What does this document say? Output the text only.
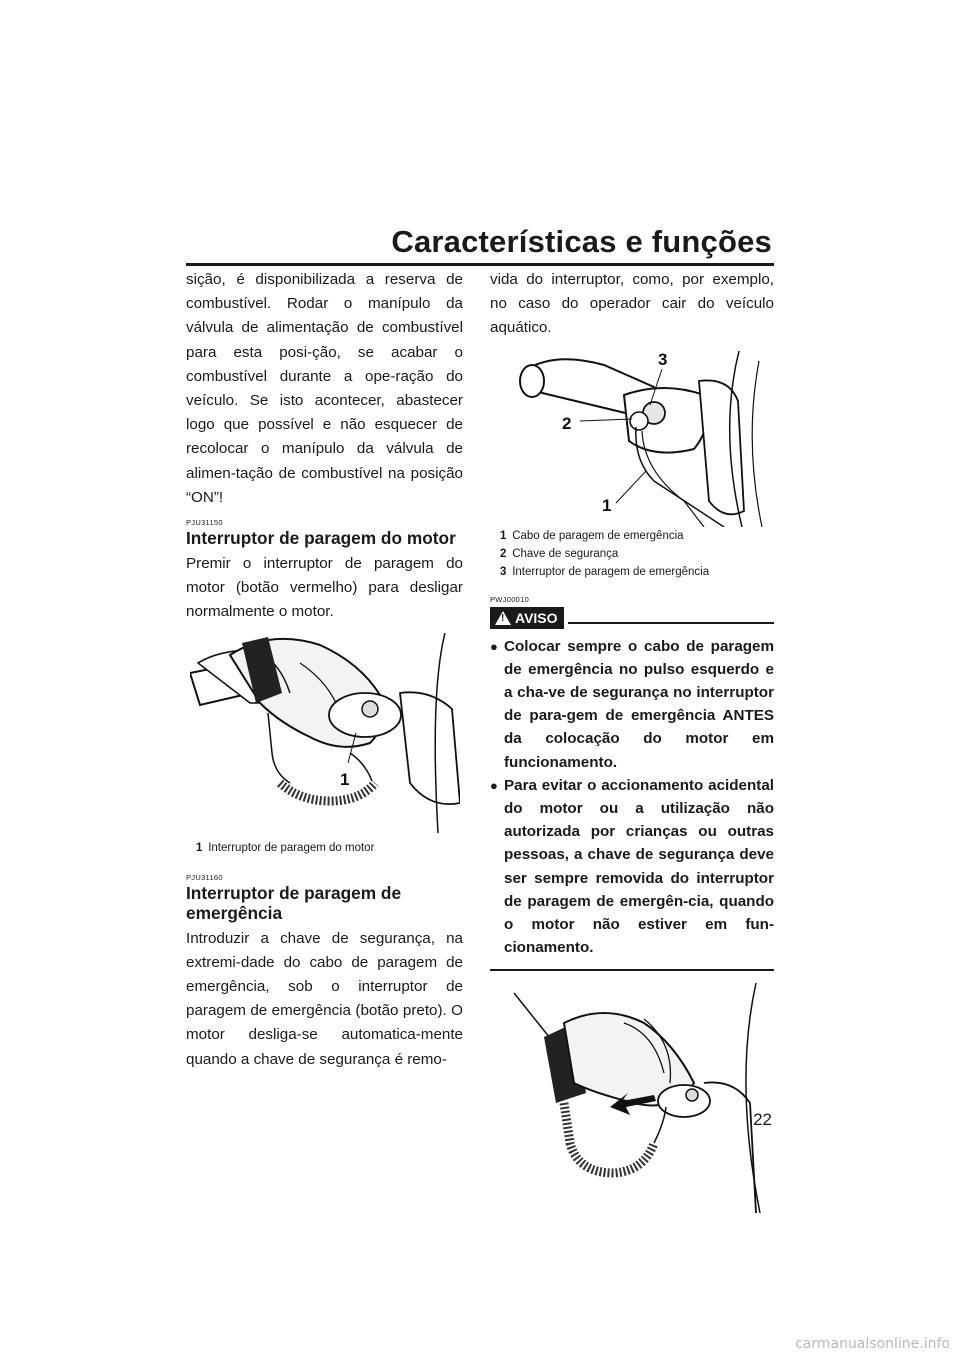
Características e funções

sição, é disponibilizada a reserva de combustível. Rodar o manípulo da válvula de alimentação de combustível para esta posi-ção, se acabar o combustível durante a ope-ração do veículo. Se isto acontecer, abastecer logo que possível e não esquecer de recolocar o manípulo da válvula de alimen-tação de combustível na posição “ON”!

PJU31150
Interruptor de paragem do motor

Premir o interruptor de paragem do motor (botão vermelho) para desligar normalmente o motor.

1
1 Interruptor de paragem do motor
PJU31160
Interruptor de paragem de
emergência

Introduzir a chave de segurança, na extremi-dade do cabo de paragem de emergência, sob o interruptor de paragem de emergência (botão preto). O motor desliga-se automatica-mente quando a chave de segurança é remo-

vida do interruptor, como, por exemplo, no caso do operador cair do veículo aquático.

3
2
1
1 Cabo de paragem de emergência
2 Chave de segurança
3 Interruptor de paragem de emergência
PWJ00010
! AVISO
● Colocar sempre o cabo de paragem de emergência no pulso esquerdo e a cha-ve de segurança no interruptor de para-gem de emergência ANTES da colocação do motor em funcionamento.
● Para evitar o accionamento acidental do motor ou a utilização não autorizada por crianças ou outras pessoas, a chave de segurança deve ser sempre removida do interruptor de paragem de emergên-cia, quando o motor não estiver em fun-cionamento.
22
carmanualsonline.info
